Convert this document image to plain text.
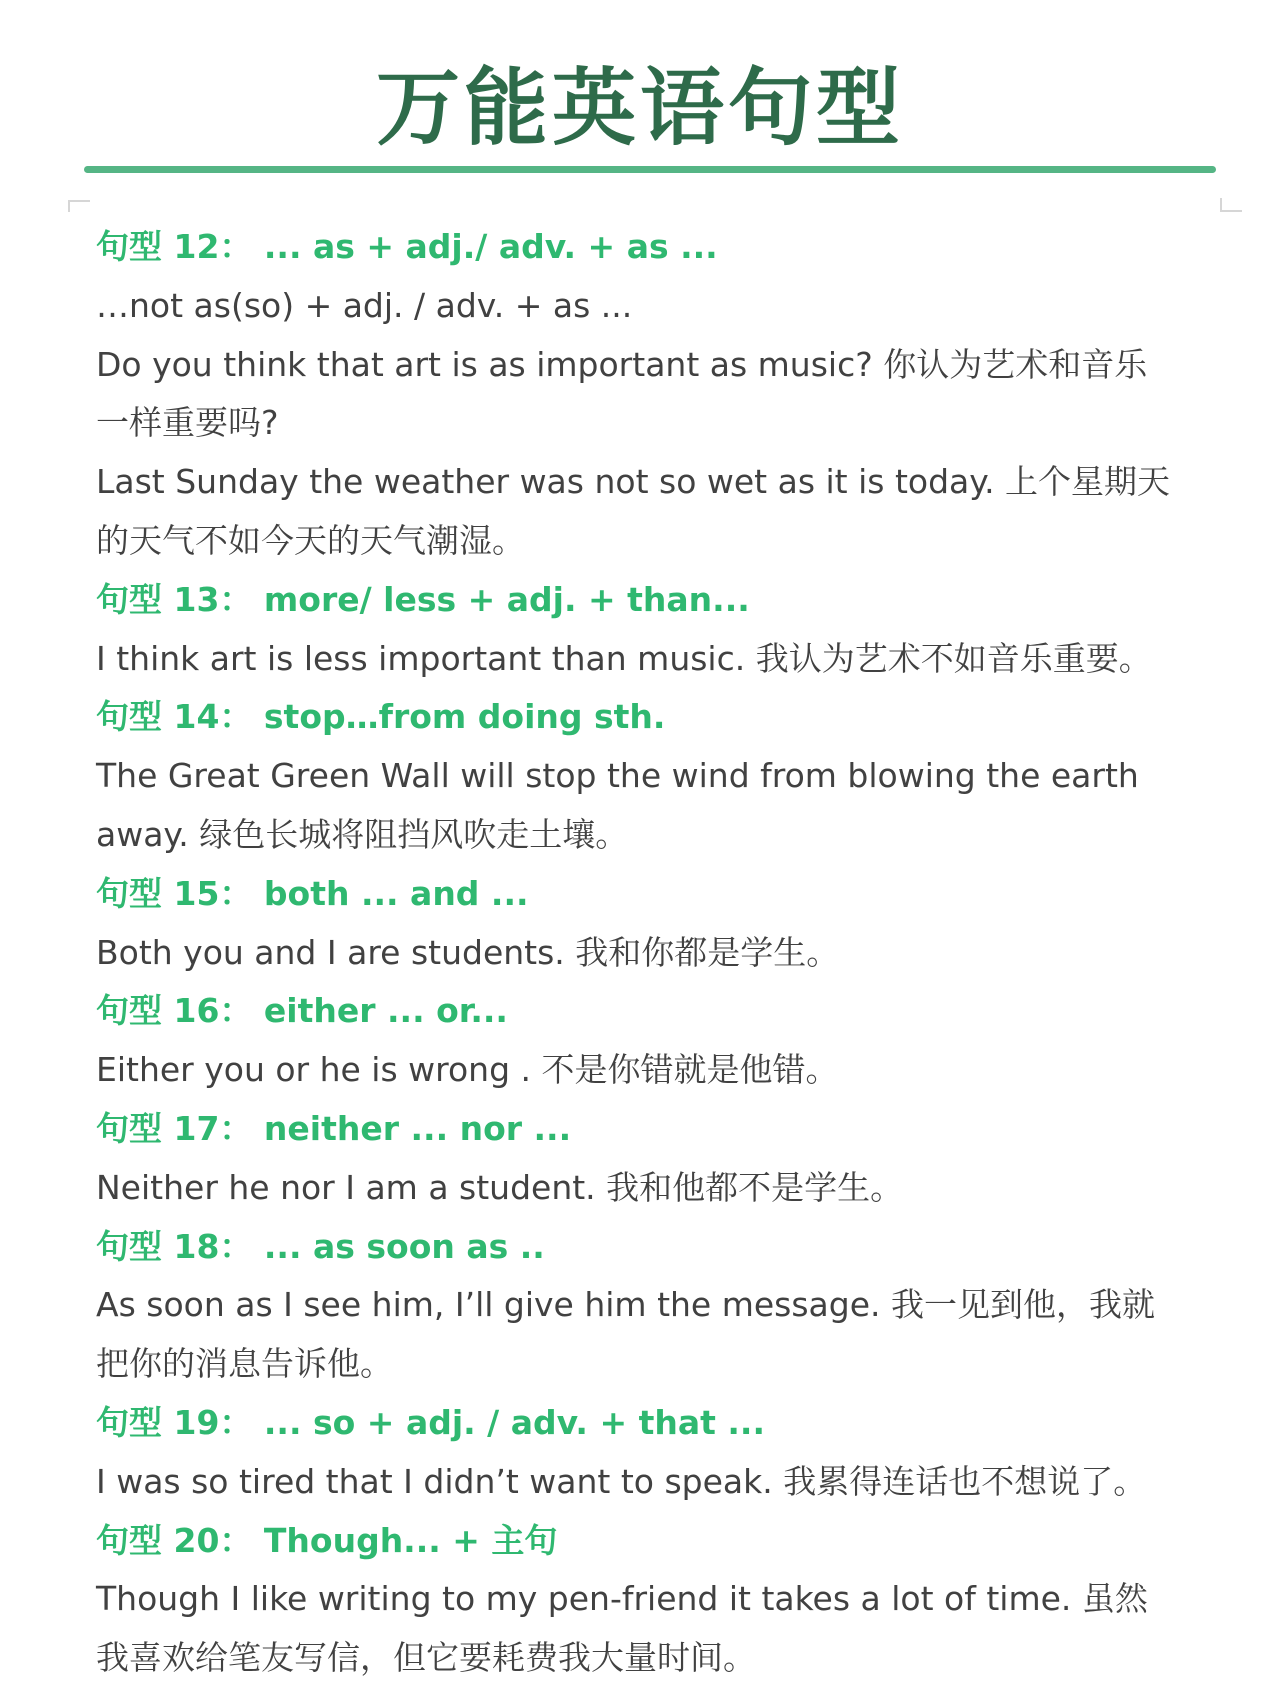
万能英语句型
句型 12： ... as + adj./ adv. + as ...
…not as(so) + adj. / adv. + as ...
Do you think that art is as important as music? 你认为艺术和音乐
一样重要吗?
Last Sunday the weather was not so wet as it is today. 上个星期天
的天气不如今天的天气潮湿。
句型 13： more/ less + adj. + than...
I think art is less important than music. 我认为艺术不如音乐重要。
句型 14： stop…from doing sth.
The Great Green Wall will stop the wind from blowing the earth
away. 绿色长城将阻挡风吹走土壤。
句型 15： both ... and ...
Both you and I are students. 我和你都是学生。
句型 16： either ... or...
Either you or he is wrong . 不是你错就是他错。
句型 17： neither ... nor ...
Neither he nor I am a student. 我和他都不是学生。
句型 18： ... as soon as ..
As soon as I see him, I’ll give him the message. 我一见到他，我就
把你的消息告诉他。
句型 19： ... so + adj. / adv. + that ...
I was so tired that I didn’t want to speak. 我累得连话也不想说了。
句型 20： Though... + 主句
Though I like writing to my pen-friend it takes a lot of time. 虽然
我喜欢给笔友写信，但它要耗费我大量时间。
